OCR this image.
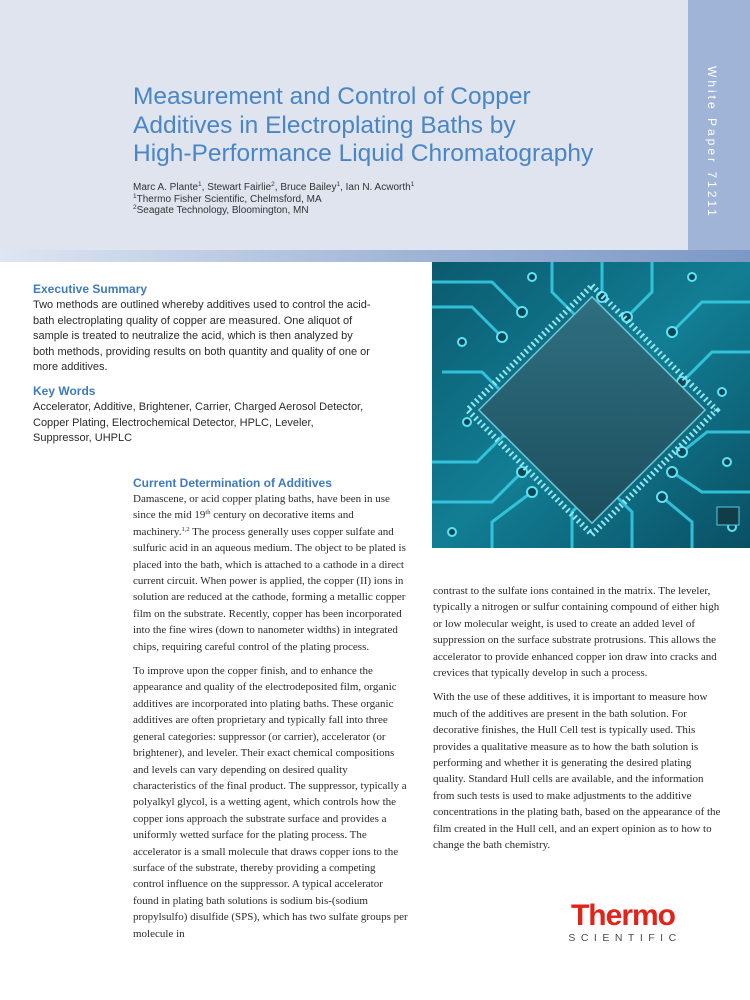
White Paper 71211
Measurement and Control of Copper
Additives in Electroplating Baths by
High-Performance Liquid Chromatography
Marc A. Plante$^1$, Stewart Fairlie$^2$, Bruce Bailey$^1$, Ian N. Acworth$^1$
$^1$Thermo Fisher Scientific, Chelmsford, MA
$^2$Seagate Technology, Bloomington, MN
Executive Summary

Two methods are outlined whereby additives used to control the acid-bath electroplating quality of copper are measured. One aliquot of sample is treated to neutralize the acid, which is then analyzed by both methods, providing results on both quantity and quality of one or more additives.

Key Words

Accelerator, Additive, Brightener, Carrier, Charged Aerosol Detector, Copper Plating, Electrochemical Detector, HPLC, Leveler, Suppressor, UHPLC

Current Determination of Additives

Damascene, or acid copper plating baths, have been in use since the mid 19th century on decorative items and machinery.$^{1,2}$ The process generally uses copper sulfate and sulfuric acid in an aqueous medium. The object to be plated is placed into the bath, which is attached to a cathode in a direct current circuit. When power is applied, the copper (II) ions in solution are reduced at the cathode, forming a metallic copper film on the substrate. Recently, copper has been incorporated into the fine wires (down to nanometer widths) in integrated chips, requiring careful control of the plating process.

To improve upon the copper finish, and to enhance the appearance and quality of the electrodeposited film, organic additives are incorporated into plating baths. These organic additives are often proprietary and typically fall into three general categories: suppressor (or carrier), accelerator (or brightener), and leveler. Their exact chemical compositions and levels can vary depending on desired quality characteristics of the final product. The suppressor, typically a polyalkyl glycol, is a wetting agent, which controls how the copper ions approach the substrate surface and provides a uniformly wetted surface for the plating process. The accelerator is a small molecule that draws copper ions to the surface of the substrate, thereby providing a competing control influence on the suppressor. A typical accelerator found in plating bath solutions is sodium bis-(sodium propylsulfo) disulfide (SPS), which has two sulfate groups per molecule in

contrast to the sulfate ions contained in the matrix. The leveler, typically a nitrogen or sulfur containing compound of either high or low molecular weight, is used to create an added level of suppression on the surface substrate protrusions. This allows the accelerator to provide enhanced copper ion draw into cracks and crevices that typically develop in such a process.

With the use of these additives, it is important to measure how much of the additives are present in the bath solution. For decorative finishes, the Hull Cell test is typically used. This provides a qualitative measure as to how the bath solution is performing and whether it is generating the desired plating quality. Standard Hull cells are available, and the information from such tests is used to make adjustments to the additive concentrations in the plating bath, based on the appearance of the film created in the Hull cell, and an expert opinion as to how to change the bath chemistry.

Thermo
SCIENTIFIC
